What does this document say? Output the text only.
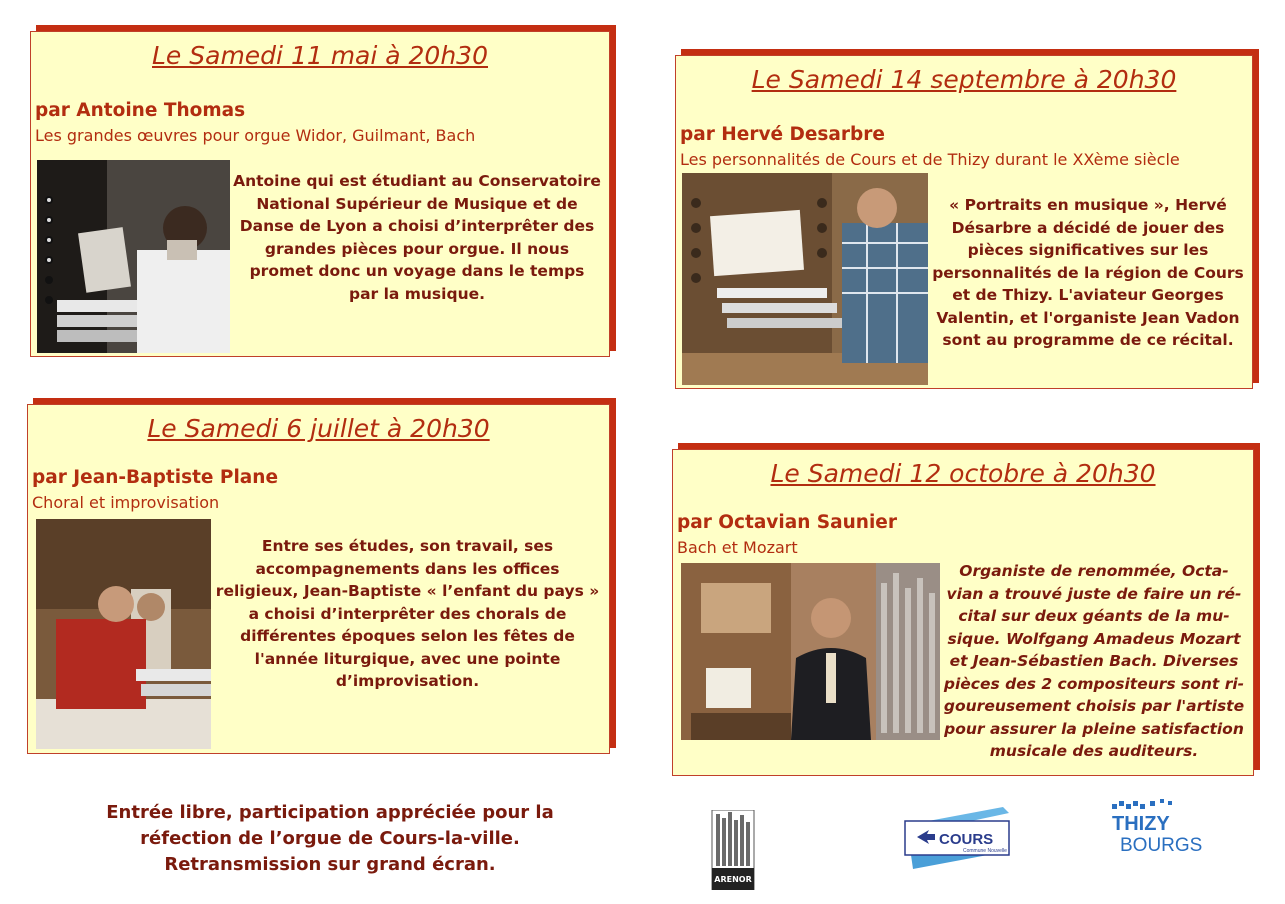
Le Samedi 11 mai à 20h30
par Antoine Thomas
Les grandes œuvres pour orgue Widor, Guilmant, Bach
Antoine qui est étudiant au Conservatoire
National Supérieur de Musique et de
Danse de Lyon a choisi d’interprêter des
grandes pièces pour orgue. Il nous
promet donc un voyage dans le temps
par la musique.
Le Samedi 14 septembre à 20h30
par Hervé Desarbre
Les personnalités de Cours et de Thizy durant le XXème siècle
« Portraits en musique », Hervé
Désarbre a décidé de jouer des
pièces significatives sur les
personnalités de la région de Cours
et de Thizy. L'aviateur Georges
Valentin, et l'organiste Jean Vadon
sont au programme de ce récital.
Le Samedi 6 juillet à 20h30
par Jean-Baptiste Plane
Choral et improvisation
Entre ses études, son travail, ses
accompagnements dans les offices
religieux, Jean-Baptiste « l’enfant du pays »
a choisi d’interprêter des chorals de
différentes époques selon les fêtes de
l'année liturgique, avec une pointe
d’improvisation.
Le Samedi 12 octobre à 20h30
par Octavian Saunier
Bach et Mozart
Organiste de renommée, Octa-
vian a trouvé juste de faire un ré-
cital sur deux géants de la mu-
sique. Wolfgang Amadeus Mozart
et Jean-Sébastien Bach. Diverses
pièces des 2 compositeurs sont ri-
goureusement choisis par l'artiste
pour assurer la pleine satisfaction
musicale des auditeurs.
Entrée libre, participation appréciée pour la
réfection de l’orgue de Cours-la-ville.
Retransmission sur grand écran.
ARENOR
COURS
Commune Nouvelle
THIZY
BOURGS
